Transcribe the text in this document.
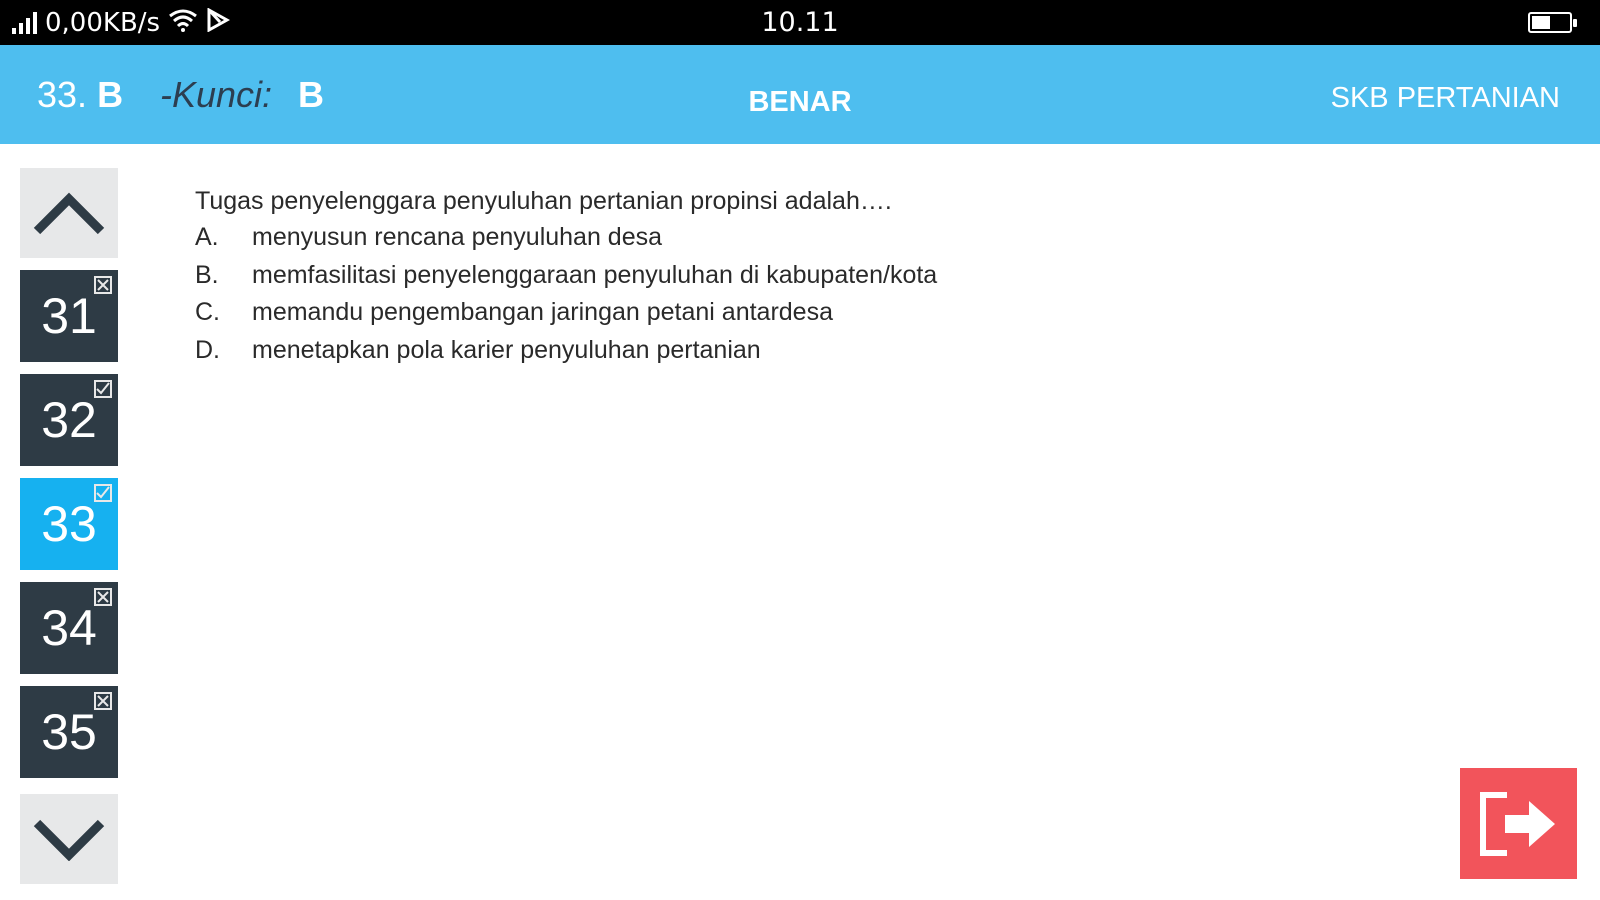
0,00KB/s	10.11
33. B -Kunci: B	BENAR	SKB PERTANIAN
31
32
33
34
35
Tugas penyelenggara penyuluhan pertanian propinsi adalah….
A.	menyusun rencana penyuluhan desa
B.	memfasilitasi penyelenggaraan penyuluhan di kabupaten/kota
C.	memandu pengembangan jaringan petani antardesa
D.	menetapkan pola karier penyuluhan pertanian
